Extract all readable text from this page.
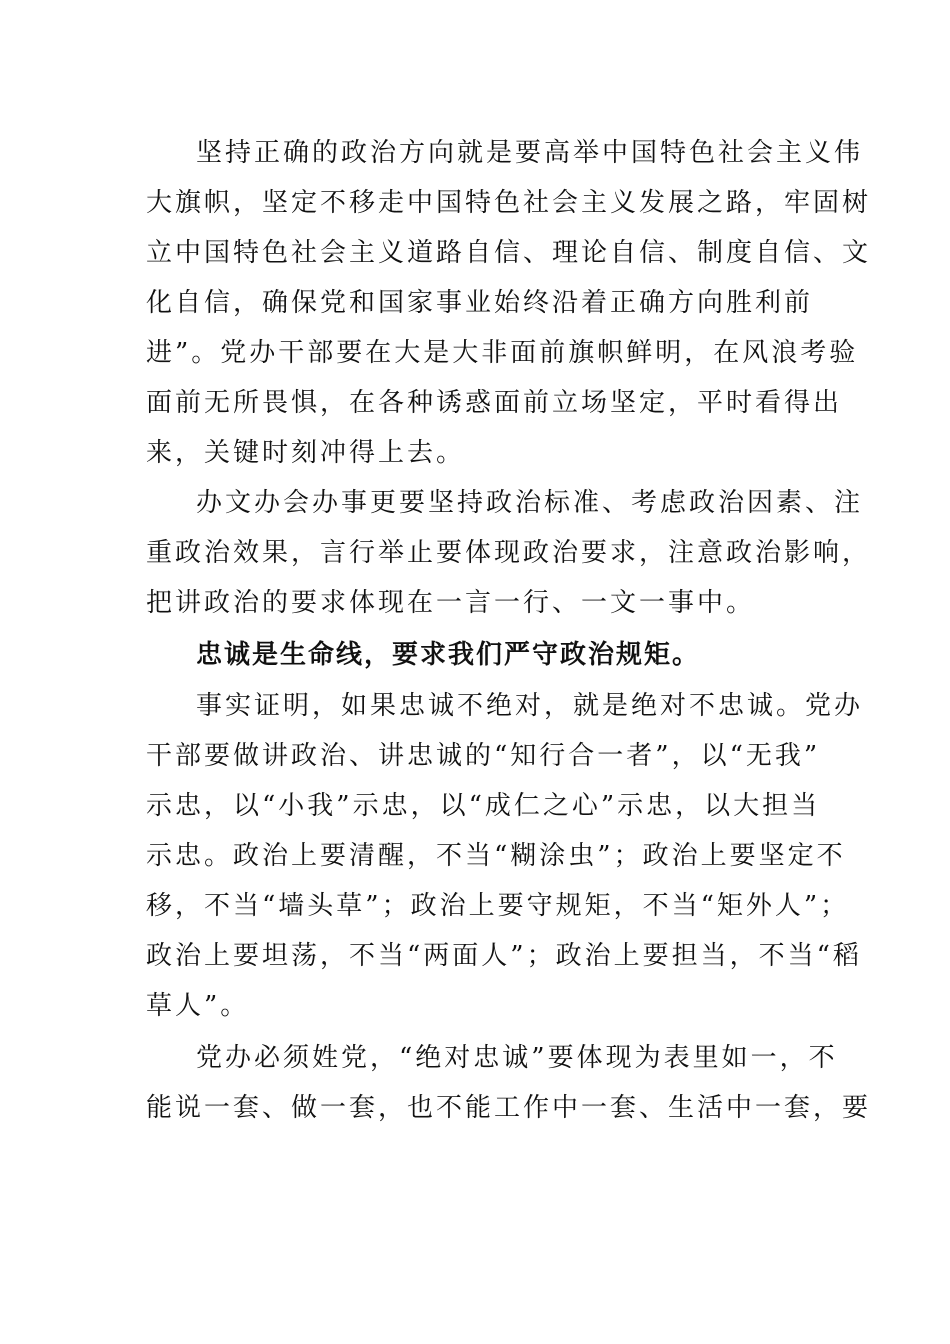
坚持正确的政治方向就是要高举中国特色社会主义伟
大旗帜，坚定不移走中国特色社会主义发展之路，牢固树
立中国特色社会主义道路自信、理论自信、制度自信、文
化自信，确保党和国家事业始终沿着正确方向胜利前
进”。党办干部要在大是大非面前旗帜鲜明，在风浪考验
面前无所畏惧，在各种诱惑面前立场坚定，平时看得出
来，关键时刻冲得上去。
办文办会办事更要坚持政治标准、考虑政治因素、注
重政治效果，言行举止要体现政治要求，注意政治影响，
把讲政治的要求体现在一言一行、一文一事中。
忠诚是生命线，要求我们严守政治规矩。
事实证明，如果忠诚不绝对，就是绝对不忠诚。党办
干部要做讲政治、讲忠诚的“知行合一者”，以“无我”
示忠，以“小我”示忠，以“成仁之心”示忠，以大担当
示忠。政治上要清醒，不当“糊涂虫”；政治上要坚定不
移，不当“墙头草”；政治上要守规矩，不当“矩外人”；
政治上要坦荡，不当“两面人”；政治上要担当，不当“稻
草人”。
党办必须姓党，“绝对忠诚”要体现为表里如一，不
能说一套、做一套，也不能工作中一套、生活中一套，要
